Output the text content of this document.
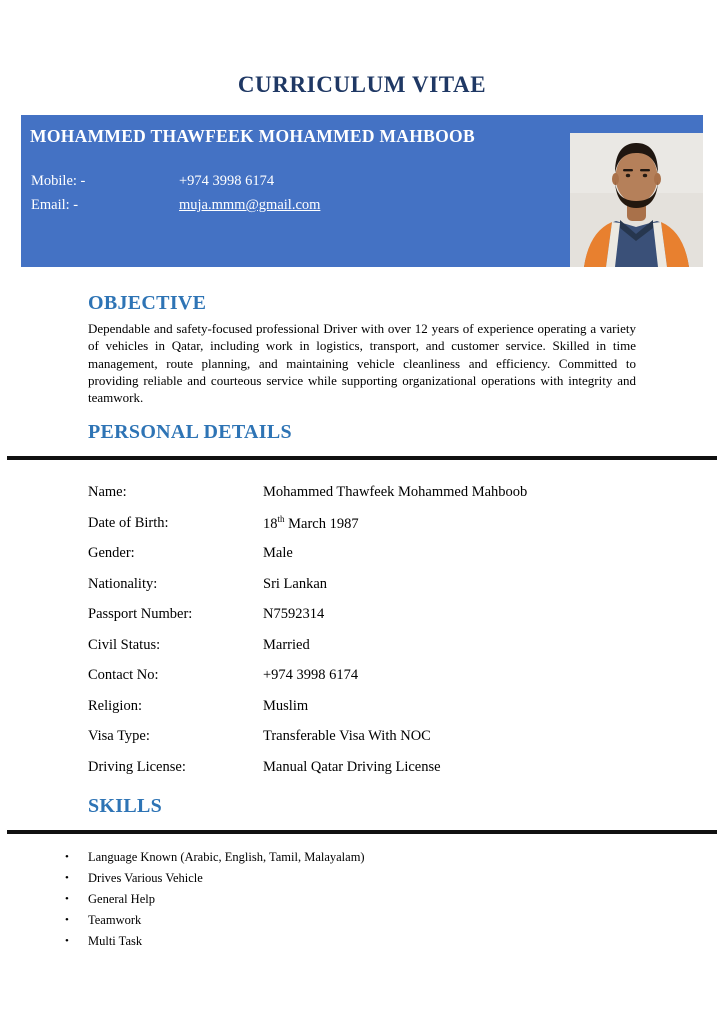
CURRICULUM VITAE
MOHAMMED THAWFEEK MOHAMMED MAHBOOB
Mobile: -	+974 3998 6174
Email: -	muja.mmm@gmail.com
OBJECTIVE

Dependable and safety-focused professional Driver with over 12 years of experience operating a variety of vehicles in Qatar, including work in logistics, transport, and customer service. Skilled in time management, route planning, and maintaining vehicle cleanliness and efficiency. Committed to providing reliable and courteous service while supporting organizational operations with integrity and teamwork.

PERSONAL DETAILS
Name:	Mohammed Thawfeek Mohammed Mahboob
Date of Birth:	18th March 1987
Gender:	Male
Nationality:	Sri Lankan
Passport Number:	N7592314
Civil Status:	Married
Contact No:	+974 3998 6174
Religion:	Muslim
Visa Type:	Transferable Visa With NOC
Driving License:	Manual Qatar Driving License
SKILLS
•	Language Known (Arabic, English, Tamil, Malayalam)
•	Drives Various Vehicle
•	General Help
•	Teamwork
•	Multi Task
